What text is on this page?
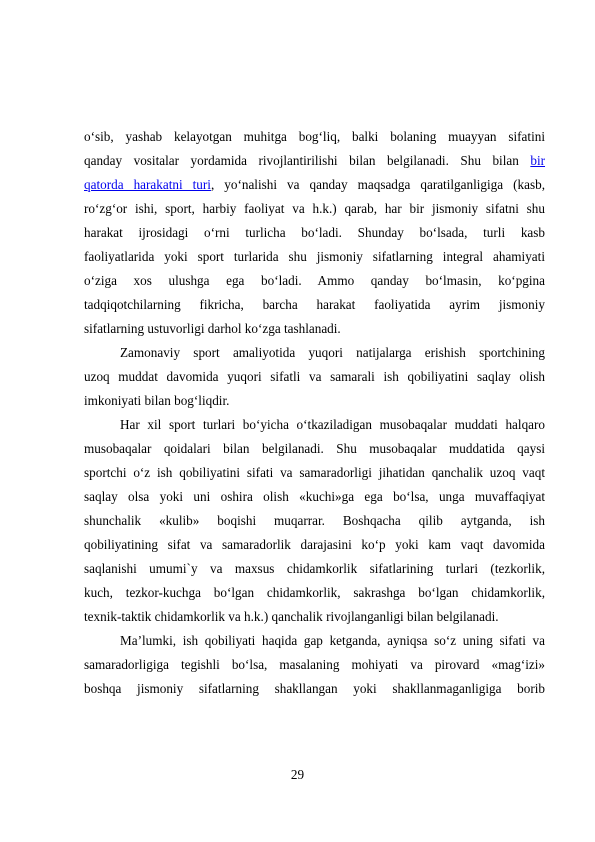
o‘sib, yashab kelayotgan muhitga bog‘liq, balki bolaning muayyan sifatini
qanday vositalar yordamida rivojlantirilishi bilan belgilanadi. Shu bilan bir
qatorda harakatni turi, yo‘nalishi va qanday maqsadga qaratilganligiga (kasb,
ro‘zg‘or ishi, sport, harbiy faoliyat va h.k.) qarab, har bir jismoniy sifatni shu
harakat ijrosidagi o‘rni turlicha bo‘ladi. Shunday bo‘lsada, turli kasb
faoliyatlarida yoki sport turlarida shu jismoniy sifatlarning integral ahamiyati
o‘ziga xos ulushga ega bo‘ladi. Ammo qanday bo‘lmasin, ko‘pgina
tadqiqotchilarning fikricha, barcha harakat faoliyatida ayrim jismoniy
sifatlarning ustuvorligi darhol ko‘zga tashlanadi.
Zamonaviy sport amaliyotida yuqori natijalarga erishish sportchining
uzoq muddat davomida yuqori sifatli va samarali ish qobiliyatini saqlay olish
imkoniyati bilan bog‘liqdir.
Har xil sport turlari bo‘yicha o‘tkaziladigan musobaqalar muddati halqaro
musobaqalar qoidalari bilan belgilanadi. Shu musobaqalar muddatida qaysi
sportchi o‘z ish qobiliyatini sifati va samaradorligi jihatidan qanchalik uzoq vaqt
saqlay olsa yoki uni oshira olish «kuchi»ga ega bo‘lsa, unga muvaffaqiyat
shunchalik «kulib» boqishi muqarrar. Boshqacha qilib aytganda, ish
qobiliyatining sifat va samaradorlik darajasini ko‘p yoki kam vaqt davomida
saqlanishi umumi`y va maxsus chidamkorlik sifatlarining turlari (tezkorlik,
kuch, tezkor-kuchga bo‘lgan chidamkorlik, sakrashga bo‘lgan chidamkorlik,
texnik-taktik chidamkorlik va h.k.) qanchalik rivojlanganligi bilan belgilanadi.
Ma’lumki, ish qobiliyati haqida gap ketganda, ayniqsa so‘z uning sifati va
samaradorligiga tegishli bo‘lsa, masalaning mohiyati va pirovard «mag‘izi»
boshqa jismoniy sifatlarning shakllangan yoki shakllanmaganligiga borib
29
